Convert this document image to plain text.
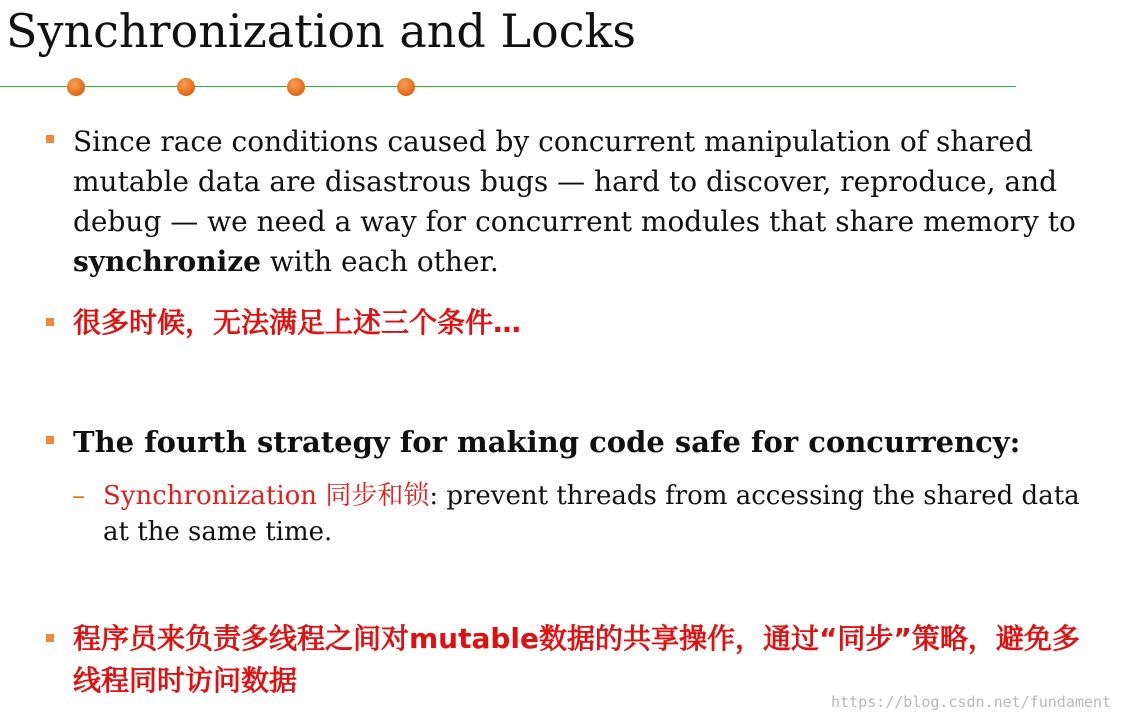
Synchronization and Locks

Since race conditions caused by concurrent manipulation of shared mutable data are disastrous bugs — hard to discover, reproduce, and debug — we need a way for concurrent modules that share memory to synchronize with each other.

很多时候，无法满足上述三个条件…

The fourth strategy for making code safe for concurrency:

– Synchronization 同步和锁: prevent threads from accessing the shared data at the same time.

程序员来负责多线程之间对mutable数据的共享操作，通过“同步”策略，避免多线程同时访问数据

https://blog.csdn.net/fundament
